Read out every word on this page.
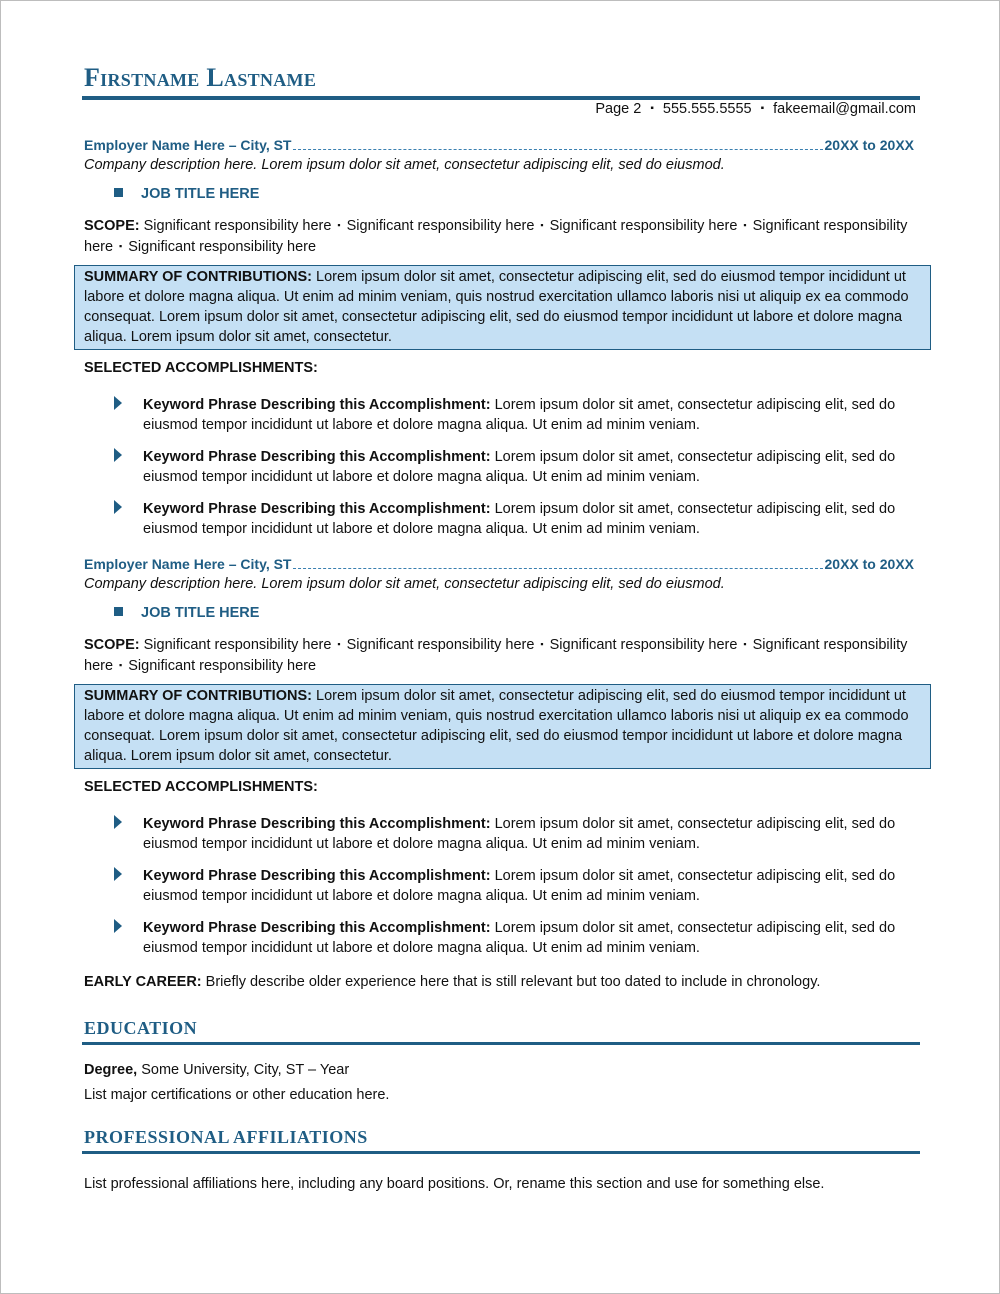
Firstname Lastname
Page 2 ▪ 555.555.5555 ▪ fakeemail@gmail.com
Employer Name Here – City, ST	20XX to 20XX
Company description here. Lorem ipsum dolor sit amet, consectetur adipiscing elit, sed do eiusmod.
JOB TITLE HERE
SCOPE: Significant responsibility here ▪ Significant responsibility here ▪ Significant responsibility here ▪ Significant responsibility here ▪ Significant responsibility here
SUMMARY OF CONTRIBUTIONS: Lorem ipsum dolor sit amet, consectetur adipiscing elit, sed do eiusmod tempor incididunt ut labore et dolore magna aliqua. Ut enim ad minim veniam, quis nostrud exercitation ullamco laboris nisi ut aliquip ex ea commodo consequat. Lorem ipsum dolor sit amet, consectetur adipiscing elit, sed do eiusmod tempor incididunt ut labore et dolore magna aliqua. Lorem ipsum dolor sit amet, consectetur.
SELECTED ACCOMPLISHMENTS:
Keyword Phrase Describing this Accomplishment: Lorem ipsum dolor sit amet, consectetur adipiscing elit, sed do eiusmod tempor incididunt ut labore et dolore magna aliqua. Ut enim ad minim veniam.
Keyword Phrase Describing this Accomplishment: Lorem ipsum dolor sit amet, consectetur adipiscing elit, sed do eiusmod tempor incididunt ut labore et dolore magna aliqua. Ut enim ad minim veniam.
Keyword Phrase Describing this Accomplishment: Lorem ipsum dolor sit amet, consectetur adipiscing elit, sed do eiusmod tempor incididunt ut labore et dolore magna aliqua. Ut enim ad minim veniam.
Employer Name Here – City, ST	20XX to 20XX
Company description here. Lorem ipsum dolor sit amet, consectetur adipiscing elit, sed do eiusmod.
JOB TITLE HERE
SCOPE: Significant responsibility here ▪ Significant responsibility here ▪ Significant responsibility here ▪ Significant responsibility here ▪ Significant responsibility here
SUMMARY OF CONTRIBUTIONS: Lorem ipsum dolor sit amet, consectetur adipiscing elit, sed do eiusmod tempor incididunt ut labore et dolore magna aliqua. Ut enim ad minim veniam, quis nostrud exercitation ullamco laboris nisi ut aliquip ex ea commodo consequat. Lorem ipsum dolor sit amet, consectetur adipiscing elit, sed do eiusmod tempor incididunt ut labore et dolore magna aliqua. Lorem ipsum dolor sit amet, consectetur.
SELECTED ACCOMPLISHMENTS:
Keyword Phrase Describing this Accomplishment: Lorem ipsum dolor sit amet, consectetur adipiscing elit, sed do eiusmod tempor incididunt ut labore et dolore magna aliqua. Ut enim ad minim veniam.
Keyword Phrase Describing this Accomplishment: Lorem ipsum dolor sit amet, consectetur adipiscing elit, sed do eiusmod tempor incididunt ut labore et dolore magna aliqua. Ut enim ad minim veniam.
Keyword Phrase Describing this Accomplishment: Lorem ipsum dolor sit amet, consectetur adipiscing elit, sed do eiusmod tempor incididunt ut labore et dolore magna aliqua. Ut enim ad minim veniam.
EARLY CAREER: Briefly describe older experience here that is still relevant but too dated to include in chronology.
EDUCATION
Degree, Some University, City, ST – Year
List major certifications or other education here.
PROFESSIONAL AFFILIATIONS
List professional affiliations here, including any board positions. Or, rename this section and use for something else.
